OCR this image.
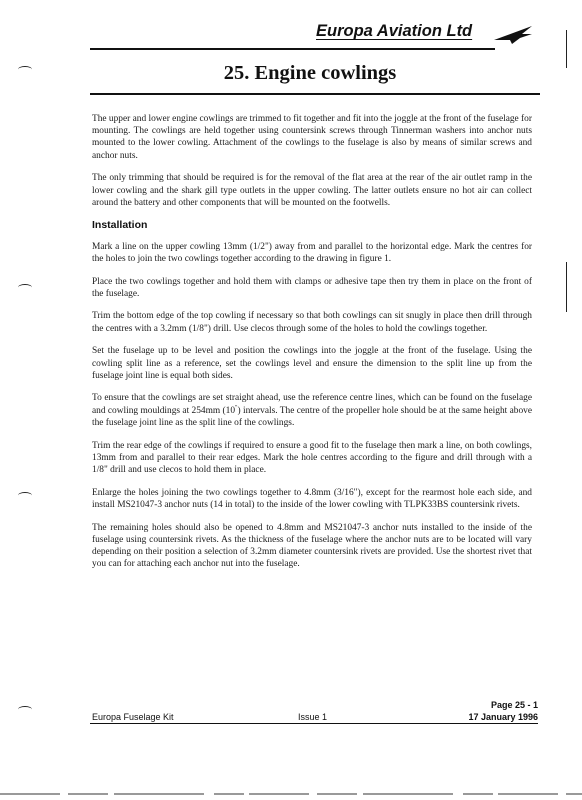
Europa Aviation Ltd
25. Engine cowlings

The upper and lower engine cowlings are trimmed to fit together and fit into the joggle at the front of the fuselage for mounting. The cowlings are held together using countersink screws through Tinnerman washers into anchor nuts mounted to the lower cowling. Attachment of the cowlings to the fuselage is also by means of similar screws and anchor nuts.

The only trimming that should be required is for the removal of the flat area at the rear of the air outlet ramp in the lower cowling and the shark gill type outlets in the upper cowling. The latter outlets ensure no hot air can collect around the battery and other components that will be mounted on the footwells.

Installation

Mark a line on the upper cowling 13mm (1/2") away from and parallel to the horizontal edge. Mark the centres for the holes to join the two cowlings together according to the drawing in figure 1.

Place the two cowlings together and hold them with clamps or adhesive tape then try them in place on the front of the fuselage.

Trim the bottom edge of the top cowling if necessary so that both cowlings can sit snugly in place then drill through the centres with a 3.2mm (1/8") drill. Use clecos through some of the holes to hold the cowlings together.

Set the fuselage up to be level and position the cowlings into the joggle at the front of the fuselage. Using the cowling split line as a reference, set the cowlings level and ensure the dimension to the split line up from the fuselage joint line is equal both sides.

To ensure that the cowlings are set straight ahead, use the reference centre lines, which can be found on the fuselage and cowling mouldings at 254mm (10") intervals. The centre of the propeller hole should be at the same height above the fuselage joint line as the split line of the cowlings.

Trim the rear edge of the cowlings if required to ensure a good fit to the fuselage then mark a line, on both cowlings, 13mm from and parallel to their rear edges. Mark the hole centres according to the figure and drill through with a 1/8" drill and use clecos to hold them in place.

Enlarge the holes joining the two cowlings together to 4.8mm (3/16"), except for the rearmost hole each side, and install MS21047-3 anchor nuts (14 in total) to the inside of the lower cowling with TLPK33BS countersink rivets.

The remaining holes should also be opened to 4.8mm and MS21047-3 anchor nuts installed to the inside of the fuselage using countersink rivets. As the thickness of the fuselage where the anchor nuts are to be located will vary depending on their position a selection of 3.2mm diameter countersink rivets are provided. Use the shortest rivet that you can for attaching each anchor nut into the fuselage.

Page 25 - 1
Europa Fuselage Kit	Issue 1	17 January 1996
